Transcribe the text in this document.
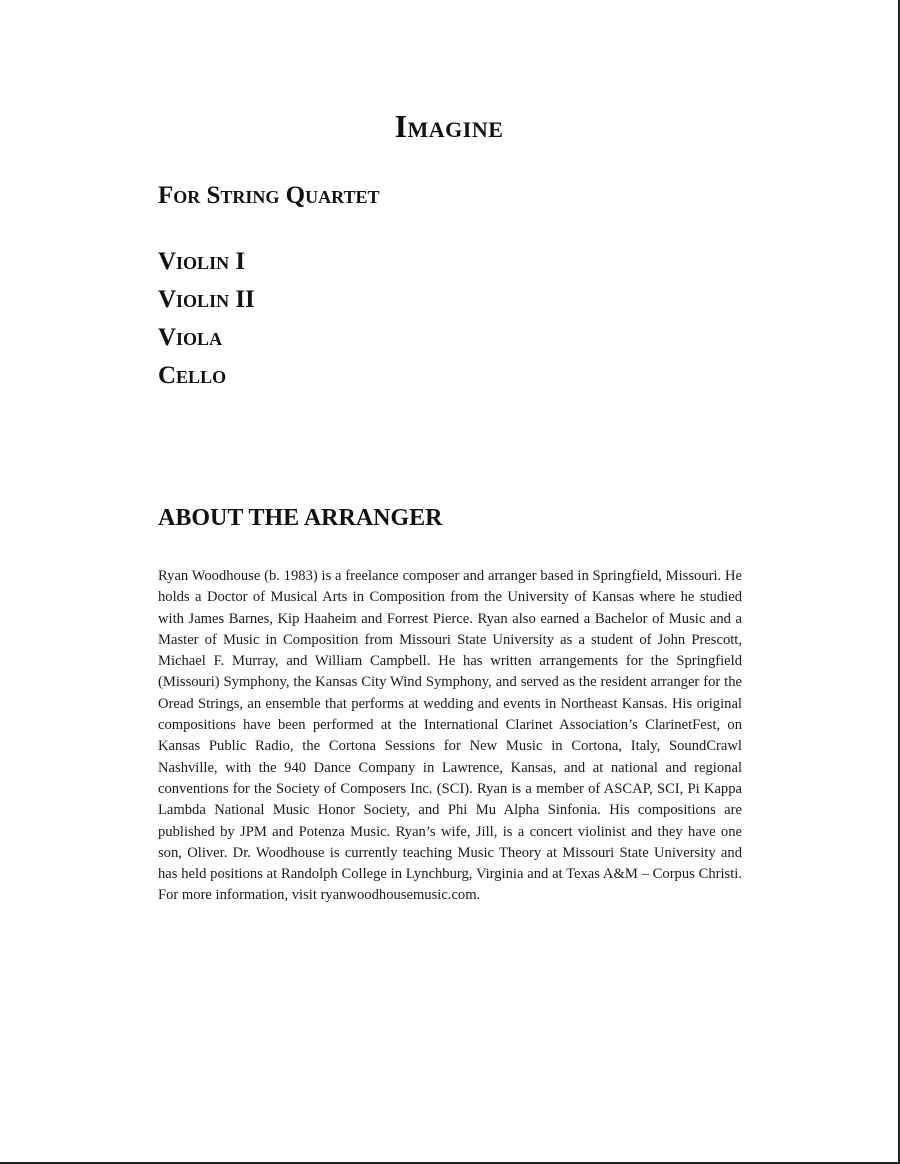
Imagine
For String Quartet
Violin I
Violin II
Viola
Cello
ABOUT THE ARRANGER

Ryan Woodhouse (b. 1983) is a freelance composer and arranger based in Springfield, Missouri. He holds a Doctor of Musical Arts in Composition from the University of Kansas where he studied with James Barnes, Kip Haaheim and Forrest Pierce. Ryan also earned a Bachelor of Music and a Master of Music in Composition from Missouri State University as a student of John Prescott, Michael F. Murray, and William Campbell. He has written arrangements for the Springfield (Missouri) Symphony, the Kansas City Wind Symphony, and served as the resident arranger for the Oread Strings, an ensemble that performs at wedding and events in Northeast Kansas. His original compositions have been performed at the International Clarinet Association’s ClarinetFest, on Kansas Public Radio, the Cortona Sessions for New Music in Cortona, Italy, SoundCrawl Nashville, with the 940 Dance Company in Lawrence, Kansas, and at national and regional conventions for the Society of Composers Inc. (SCI). Ryan is a member of ASCAP, SCI, Pi Kappa Lambda National Music Honor Society, and Phi Mu Alpha Sinfonia. His compositions are published by JPM and Potenza Music. Ryan’s wife, Jill, is a concert violinist and they have one son, Oliver. Dr. Woodhouse is currently teaching Music Theory at Missouri State University and has held positions at Randolph College in Lynchburg, Virginia and at Texas A&M – Corpus Christi. For more information, visit ryanwoodhousemusic.com.
